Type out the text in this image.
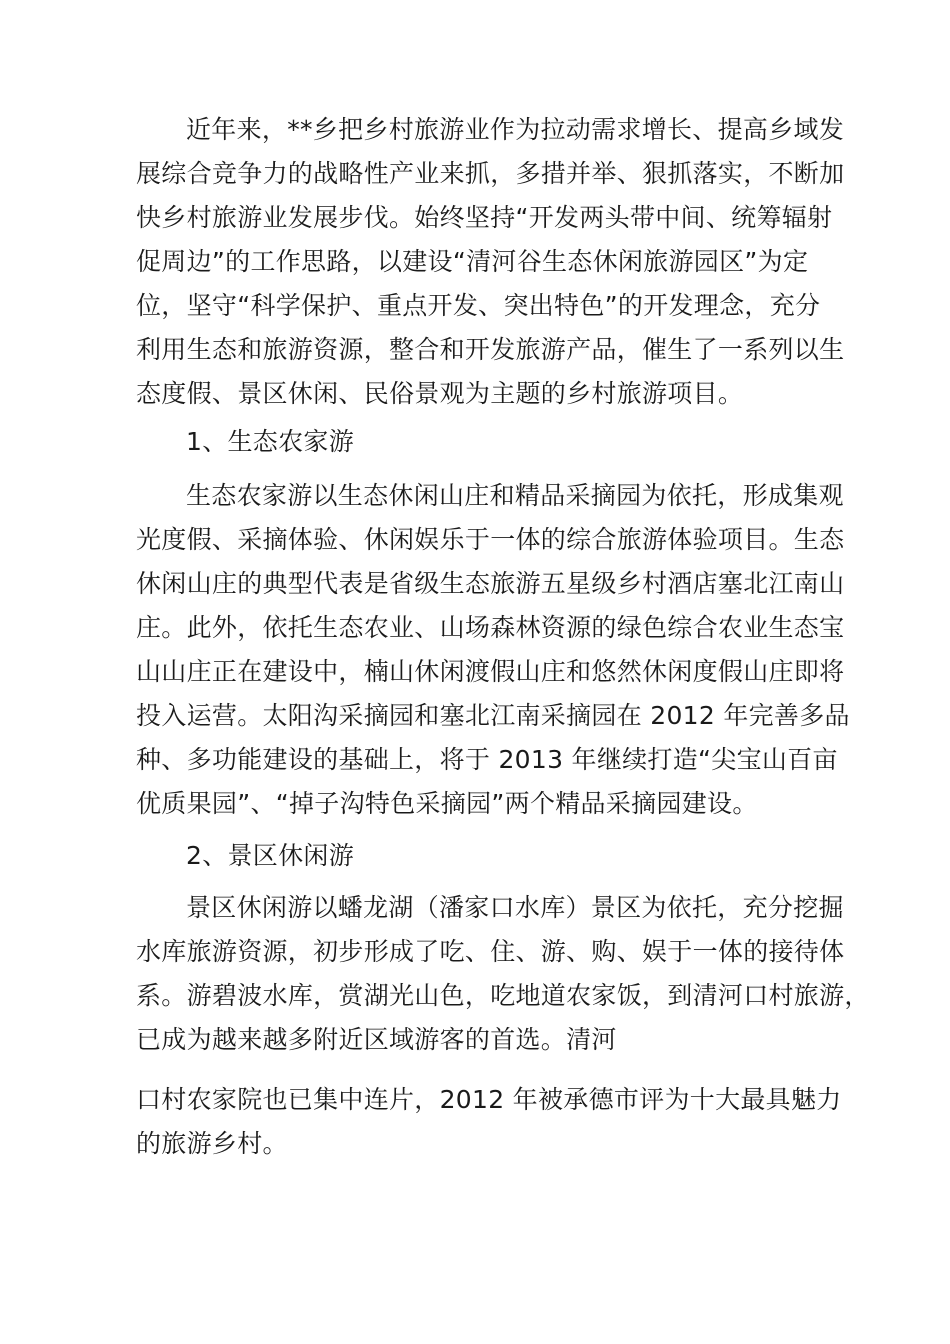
近年来，**乡把乡村旅游业作为拉动需求增长、提高乡域发
展综合竞争力的战略性产业来抓，多措并举、狠抓落实，不断加
快乡村旅游业发展步伐。始终坚持“开发两头带中间、统筹辐射
促周边”的工作思路，以建设“清河谷生态休闲旅游园区”为定
位，坚守“科学保护、重点开发、突出特色”的开发理念，充分
利用生态和旅游资源，整合和开发旅游产品，催生了一系列以生
态度假、景区休闲、民俗景观为主题的乡村旅游项目。
1、生态农家游
生态农家游以生态休闲山庄和精品采摘园为依托，形成集观
光度假、采摘体验、休闲娱乐于一体的综合旅游体验项目。生态
休闲山庄的典型代表是省级生态旅游五星级乡村酒店塞北江南山
庄。此外，依托生态农业、山场森林资源的绿色综合农业生态宝
山山庄正在建设中，楠山休闲渡假山庄和悠然休闲度假山庄即将
投入运营。太阳沟采摘园和塞北江南采摘园在 2012 年完善多品
种、多功能建设的基础上，将于 2013 年继续打造“尖宝山百亩
优质果园”、“掉子沟特色采摘园”两个精品采摘园建设。
2、景区休闲游
景区休闲游以蟠龙湖（潘家口水库）景区为依托，充分挖掘
水库旅游资源，初步形成了吃、住、游、购、娱于一体的接待体
系。游碧波水库，赏湖光山色，吃地道农家饭，到清河口村旅游，
已成为越来越多附近区域游客的首选。清河
口村农家院也已集中连片，2012 年被承德市评为十大最具魅力
的旅游乡村。
